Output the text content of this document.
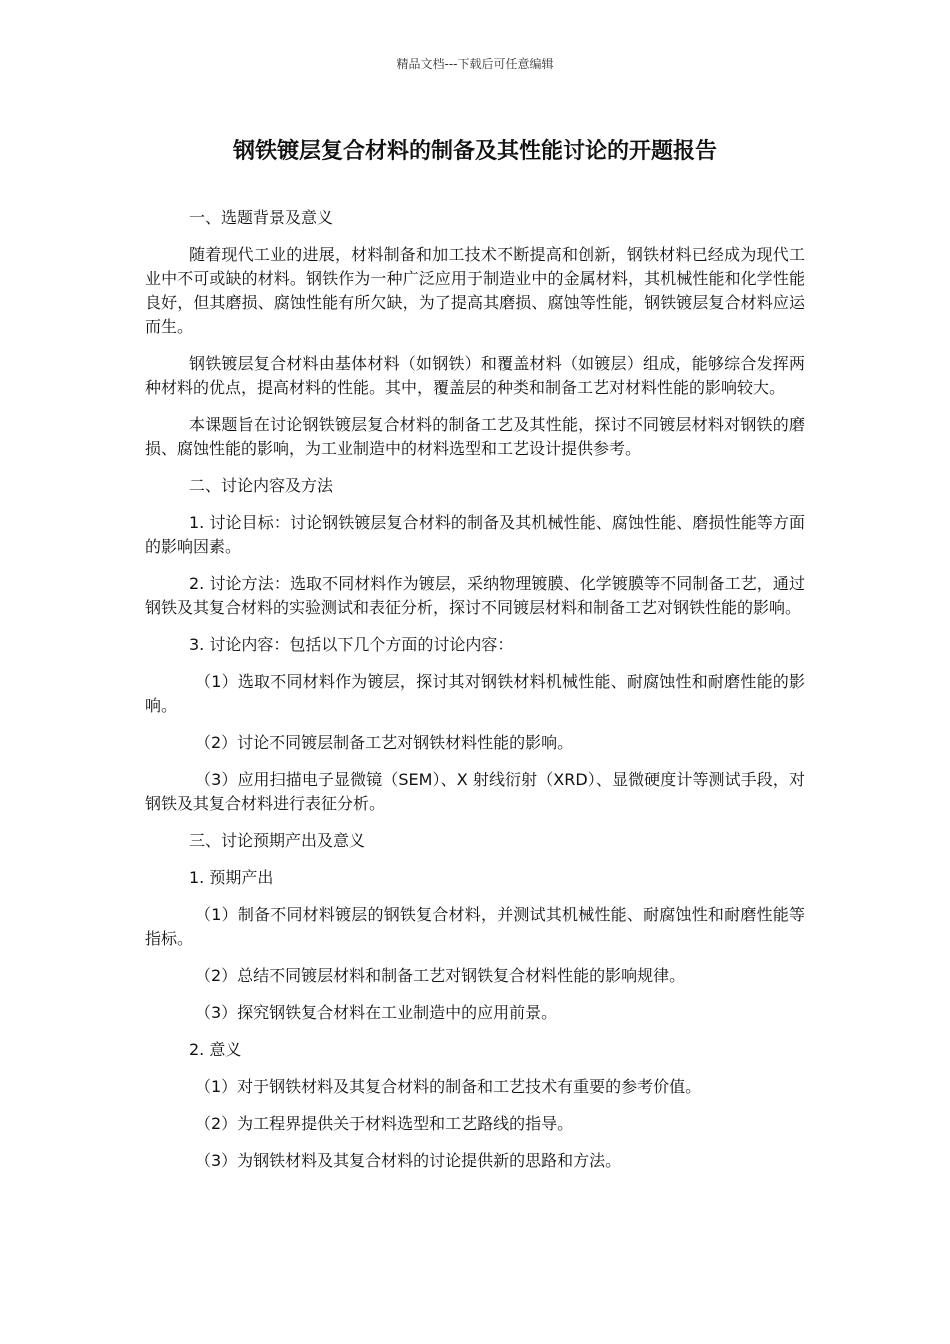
精品文档---下载后可任意编辑
钢铁镀层复合材料的制备及其性能讨论的开题报告

一、选题背景及意义

随着现代工业的进展，材料制备和加工技术不断提高和创新，钢铁材料已经成为现代工业中不可或缺的材料。钢铁作为一种广泛应用于制造业中的金属材料，其机械性能和化学性能良好，但其磨损、腐蚀性能有所欠缺，为了提高其磨损、腐蚀等性能，钢铁镀层复合材料应运而生。

钢铁镀层复合材料由基体材料（如钢铁）和覆盖材料（如镀层）组成，能够综合发挥两种材料的优点，提高材料的性能。其中，覆盖层的种类和制备工艺对材料性能的影响较大。

本课题旨在讨论钢铁镀层复合材料的制备工艺及其性能，探讨不同镀层材料对钢铁的磨损、腐蚀性能的影响，为工业制造中的材料选型和工艺设计提供参考。

二、讨论内容及方法

1. 讨论目标：讨论钢铁镀层复合材料的制备及其机械性能、腐蚀性能、磨损性能等方面的影响因素。

2. 讨论方法：选取不同材料作为镀层，采纳物理镀膜、化学镀膜等不同制备工艺，通过钢铁及其复合材料的实验测试和表征分析，探讨不同镀层材料和制备工艺对钢铁性能的影响。

3. 讨论内容：包括以下几个方面的讨论内容：

（1）选取不同材料作为镀层，探讨其对钢铁材料机械性能、耐腐蚀性和耐磨性能的影响。

（2）讨论不同镀层制备工艺对钢铁材料性能的影响。

（3）应用扫描电子显微镜（SEM）、X 射线衍射（XRD）、显微硬度计等测试手段，对钢铁及其复合材料进行表征分析。

三、讨论预期产出及意义

1. 预期产出

（1）制备不同材料镀层的钢铁复合材料，并测试其机械性能、耐腐蚀性和耐磨性能等指标。

（2）总结不同镀层材料和制备工艺对钢铁复合材料性能的影响规律。

（3）探究钢铁复合材料在工业制造中的应用前景。

2. 意义

（1）对于钢铁材料及其复合材料的制备和工艺技术有重要的参考价值。

（2）为工程界提供关于材料选型和工艺路线的指导。

（3）为钢铁材料及其复合材料的讨论提供新的思路和方法。
